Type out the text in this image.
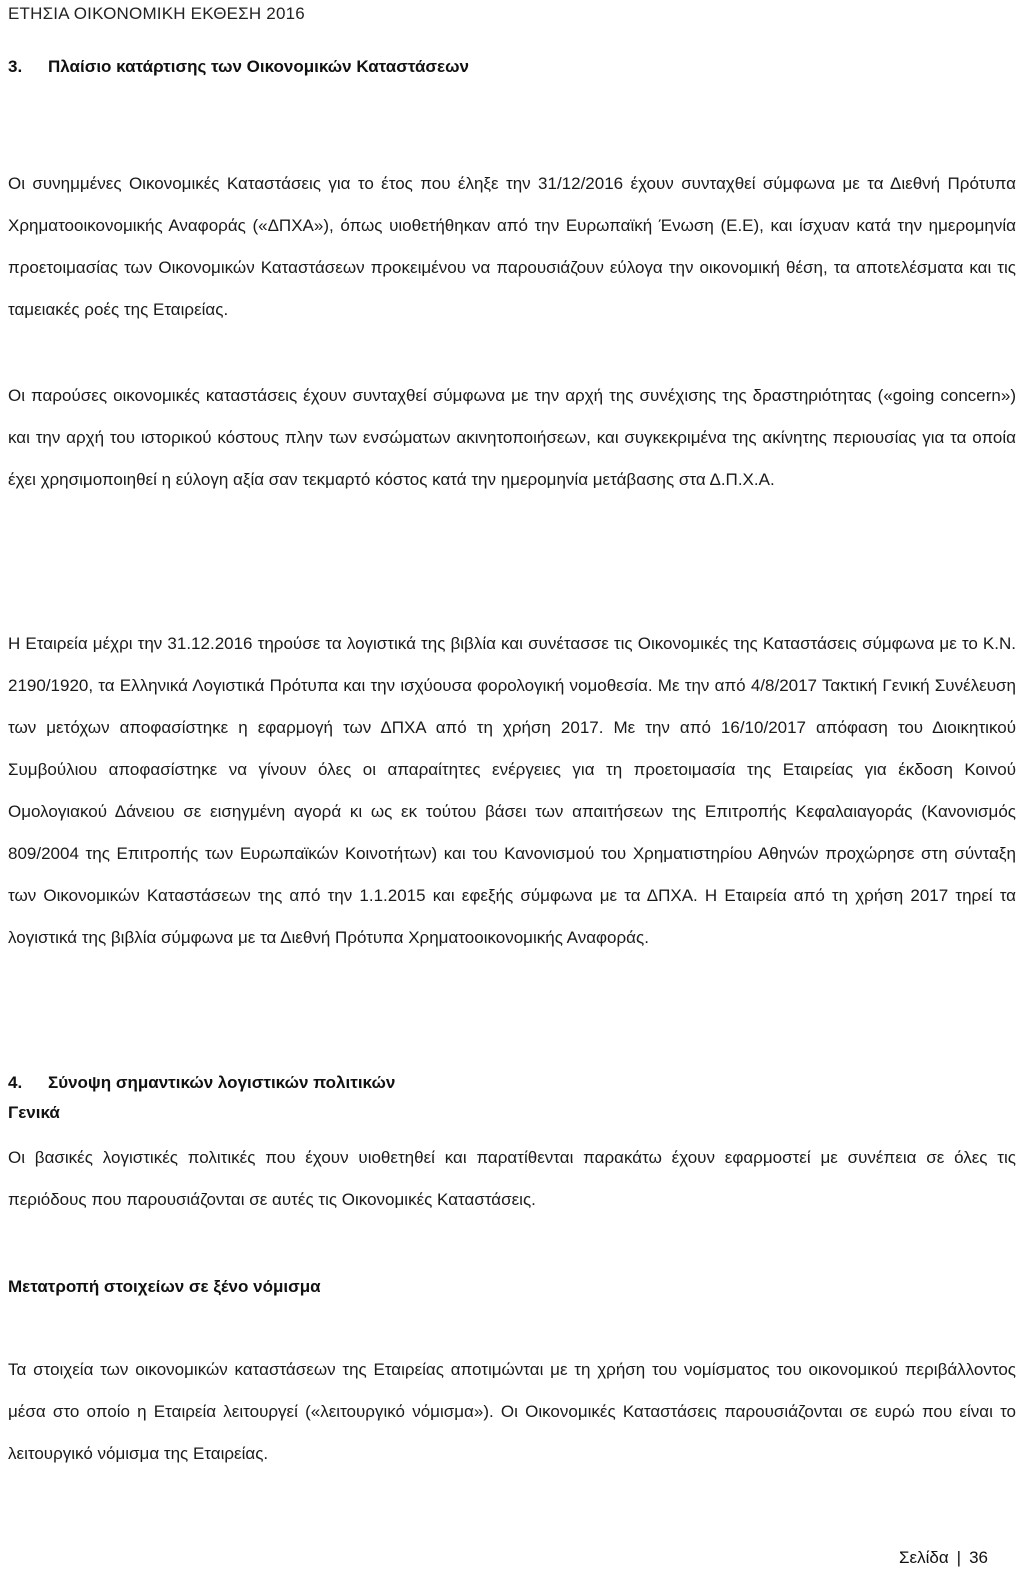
ΕΤΗΣΙΑ ΟΙΚΟΝΟΜΙΚΗ ΕΚΘΕΣΗ 2016
3. Πλαίσιο κατάρτισης των Οικονομικών Καταστάσεων
Οι συνημμένες Οικονομικές Καταστάσεις για το έτος που έληξε την 31/12/2016 έχουν συνταχθεί σύμφωνα με τα Διεθνή Πρότυπα Χρηματοοικονομικής Αναφοράς («ΔΠΧΑ»), όπως υιοθετήθηκαν από την Ευρωπαϊκή Ένωση (Ε.Ε), και ίσχυαν κατά την ημερομηνία προετοιμασίας των Οικονομικών Καταστάσεων προκειμένου να παρουσιάζουν εύλογα την οικονομική θέση, τα αποτελέσματα και τις ταμειακές ροές της Εταιρείας.
Οι παρούσες οικονομικές καταστάσεις έχουν συνταχθεί σύμφωνα με την αρχή της συνέχισης της δραστηριότητας («going concern») και την αρχή του ιστορικού κόστους πλην των ενσώματων ακινητοποιήσεων, και συγκεκριμένα της ακίνητης περιουσίας για τα οποία έχει χρησιμοποιηθεί η εύλογη αξία σαν τεκμαρτό κόστος κατά την ημερομηνία μετάβασης στα Δ.Π.Χ.Α.
Η Εταιρεία μέχρι την 31.12.2016 τηρούσε τα λογιστικά της βιβλία και συνέτασσε τις Οικονομικές της Καταστάσεις σύμφωνα με το Κ.Ν. 2190/1920, τα Ελληνικά Λογιστικά Πρότυπα και την ισχύουσα φορολογική νομοθεσία. Με την από 4/8/2017 Τακτική Γενική Συνέλευση των μετόχων αποφασίστηκε η εφαρμογή των ΔΠΧΑ από τη χρήση 2017. Με την από 16/10/2017 απόφαση του Διοικητικού Συμβούλιου αποφασίστηκε να γίνουν όλες οι απαραίτητες ενέργειες για τη προετοιμασία της Εταιρείας για έκδοση Κοινού Ομολογιακού Δάνειου σε εισηγμένη αγορά κι ως εκ τούτου βάσει των απαιτήσεων της Επιτροπής Κεφαλαιαγοράς (Κανονισμός 809/2004 της Επιτροπής των Ευρωπαϊκών Κοινοτήτων) και του Κανονισμού του Χρηματιστηρίου Αθηνών προχώρησε στη σύνταξη των Οικονομικών Καταστάσεων της από την 1.1.2015 και εφεξής σύμφωνα με τα ΔΠΧΑ. Η Εταιρεία από τη χρήση 2017 τηρεί τα λογιστικά της βιβλία σύμφωνα με τα Διεθνή Πρότυπα Χρηματοοικονομικής Αναφοράς.
4. Σύνοψη σημαντικών λογιστικών πολιτικών
Γενικά
Οι βασικές λογιστικές πολιτικές που έχουν υιοθετηθεί και παρατίθενται παρακάτω έχουν εφαρμοστεί με συνέπεια σε όλες τις περιόδους που παρουσιάζονται σε αυτές τις Οικονομικές Καταστάσεις.
Μετατροπή στοιχείων σε ξένο νόμισμα
Τα στοιχεία των οικονομικών καταστάσεων της Εταιρείας αποτιμώνται με τη χρήση του νομίσματος του οικονομικού περιβάλλοντος μέσα στο οποίο η Εταιρεία λειτουργεί («λειτουργικό νόμισμα»). Οι Οικονομικές Καταστάσεις παρουσιάζονται σε ευρώ που είναι το λειτουργικό νόμισμα της Εταιρείας.
Σελίδα | 36
